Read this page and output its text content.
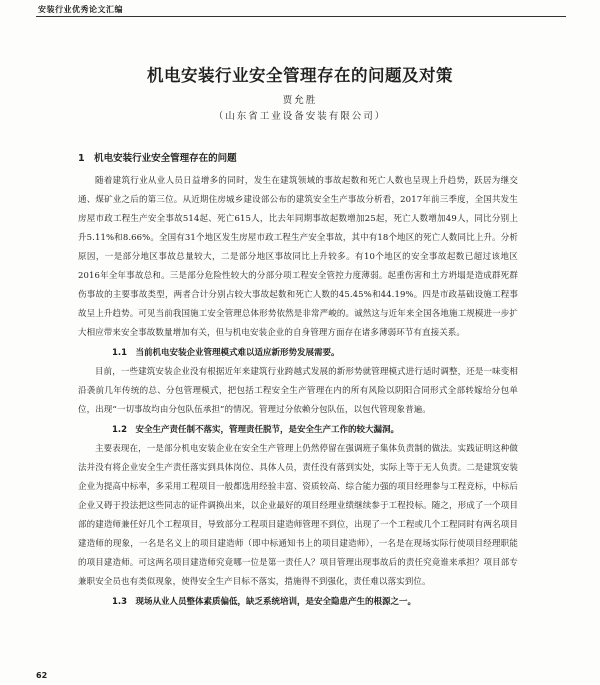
安装行业优秀论文汇编
机电安装行业安全管理存在的问题及对策
贾允胜
（山东省工业设备安装有限公司）
1　机电安装行业安全管理存在的问题

随着建筑行业从业人员日益增多的同时，发生在建筑领域的事故起数和死亡人数也呈现上升趋势，跃居为继交通、煤矿业之后的第三位。从近期住房城乡建设部公布的建筑安全生产事故分析看，2017年前三季度，全国共发生房屋市政工程生产安全事故514起、死亡615人，比去年同期事故起数增加25起，死亡人数增加49人，同比分别上升5.11%和8.66%。全国有31个地区发生房屋市政工程生产安全事故，其中有18个地区的死亡人数同比上升。分析原因，一是部分地区事故总量较大，二是部分地区事故同比上升较多。有10个地区的安全事故起数已超过该地区2016年全年事故总和。三是部分危险性较大的分部分项工程安全管控力度薄弱。起重伤害和土方坍塌是造成群死群伤事故的主要事故类型，两者合计分别占较大事故起数和死亡人数的45.45%和44.19%。四是市政基础设施工程事故呈上升趋势。可见当前我国施工安全管理总体形势依然是非常严峻的。诚然这与近年来全国各地施工规模进一步扩大相应带来安全事故数量增加有关，但与机电安装企业的自身管理方面存在诸多薄弱环节有直接关系。

1.1　当前机电安装企业管理模式难以适应新形势发展需要。

目前，一些建筑安装企业没有根据近年来建筑行业跨越式发展的新形势就管理模式进行适时调整，还是一味变相沿袭前几年传统的总、分包管理模式，把包括工程安全生产管理在内的所有风险以阴阳合同形式全部转嫁给分包单位，出现“一切事故均由分包队伍承担”的情况。管理过分依赖分包队伍，以包代管现象普遍。

1.2　安全生产责任制不落实，管理责任脱节，是安全生产工作的较大漏洞。

主要表现在，一是部分机电安装企业在安全生产管理上仍然停留在强调班子集体负责制的做法。实践证明这种做法并没有将企业安全生产责任落实到具体岗位、具体人员，责任没有落到实处，实际上等于无人负责。二是建筑安装企业为提高中标率，多采用工程项目一般都选用经验丰富、资质较高、综合能力强的项目经理参与工程竞标，中标后企业又碍于投法把这些同志的证件调换出来，以企业最好的项目经理业绩继续参于工程投标。随之，形成了一个项目部的建造师兼任好几个工程项目，导致部分工程项目建造师管理不到位，出现了一个工程或几个工程同时有两名项目建造师的现象，一名是名义上的项目建造师（即中标通知书上的项目建造师），一名是在现场实际行使项目经理职能的项目建造师。可这两名项目建造师究竟哪一位是第一责任人？项目管理出现事故后的责任究竟谁来承担？项目部专兼职安全员也有类似现象，使得安全生产目标不落实，措施得不到强化，责任难以落实到位。

1.3　现场从业人员整体素质偏低，缺乏系统培训，是安全隐患产生的根源之一。

62
